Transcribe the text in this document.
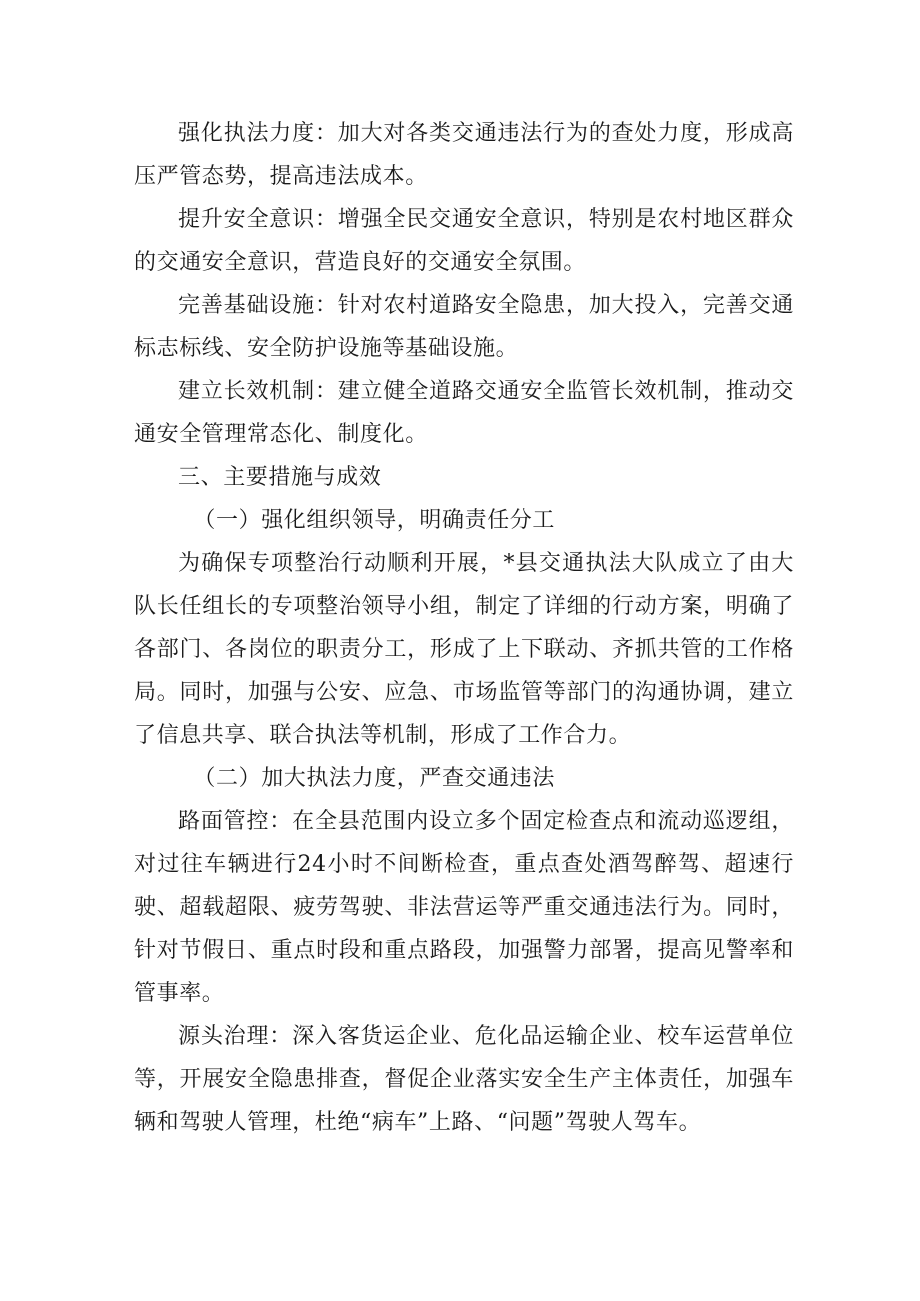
强化执法力度：加大对各类交通违法行为的查处力度，形成高压严管态势，提高违法成本。

提升安全意识：增强全民交通安全意识，特别是农村地区群众的交通安全意识，营造良好的交通安全氛围。

完善基础设施：针对农村道路安全隐患，加大投入，完善交通标志标线、安全防护设施等基础设施。

建立长效机制：建立健全道路交通安全监管长效机制，推动交通安全管理常态化、制度化。

三、主要措施与成效

（一）强化组织领导，明确责任分工

为确保专项整治行动顺利开展，*县交通执法大队成立了由大队长任组长的专项整治领导小组，制定了详细的行动方案，明确了各部门、各岗位的职责分工，形成了上下联动、齐抓共管的工作格局。同时，加强与公安、应急、市场监管等部门的沟通协调，建立了信息共享、联合执法等机制，形成了工作合力。

（二）加大执法力度，严查交通违法

路面管控：在全县范围内设立多个固定检查点和流动巡逻组，对过往车辆进行24小时不间断检查，重点查处酒驾醉驾、超速行驶、超载超限、疲劳驾驶、非法营运等严重交通违法行为。同时，针对节假日、重点时段和重点路段，加强警力部署，提高见警率和管事率。

源头治理：深入客货运企业、危化品运输企业、校车运营单位等，开展安全隐患排查，督促企业落实安全生产主体责任，加强车辆和驾驶人管理，杜绝“病车”上路、“问题”驾驶人驾车。
